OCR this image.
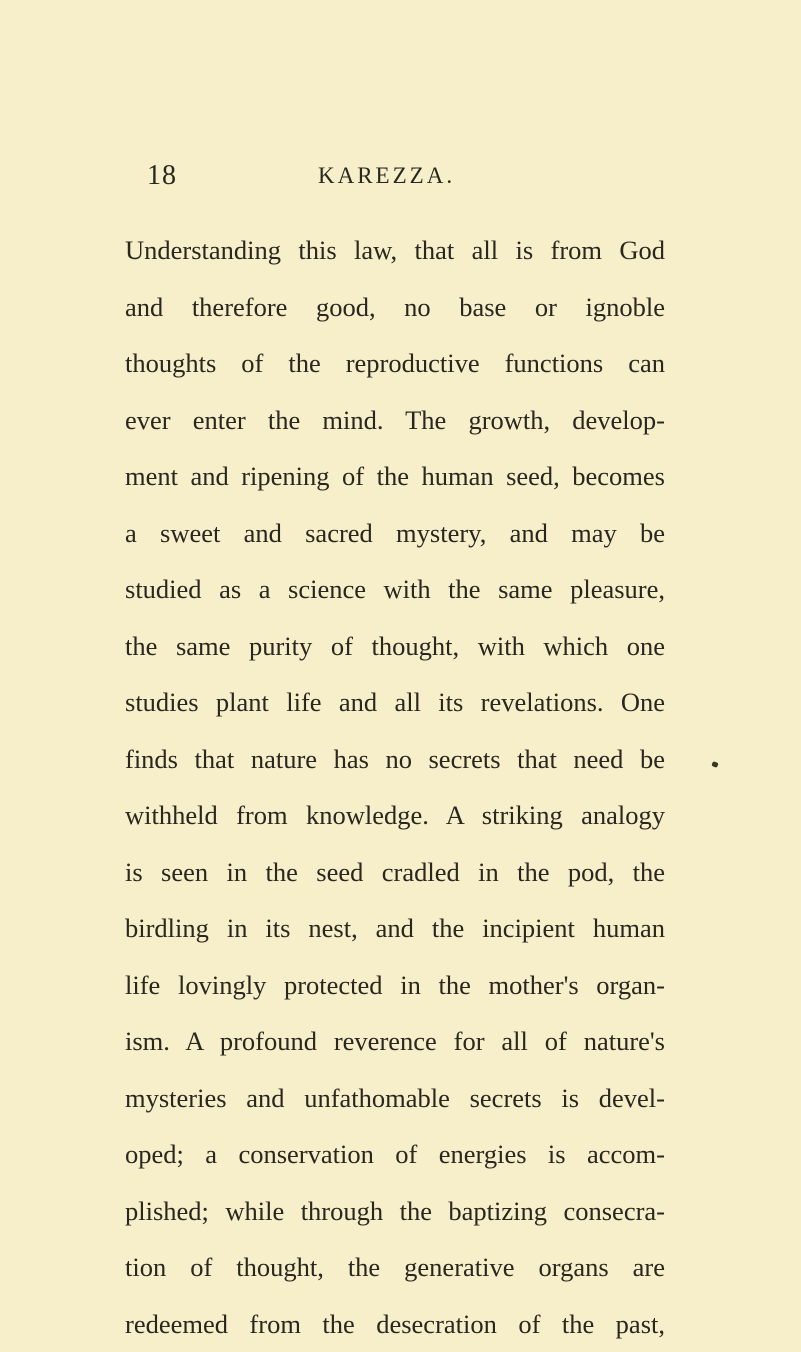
18	KAREZZA.
Understanding this law, that all is from God
and therefore good, no base or ignoble
thoughts of the reproductive functions can
ever enter the mind. The growth, develop-
ment and ripening of the human seed, becomes
a sweet and sacred mystery, and may be
studied as a science with the same pleasure,
the same purity of thought, with which one
studies plant life and all its revelations. One
finds that nature has no secrets that need be
withheld from knowledge. A striking analogy
is seen in the seed cradled in the pod, the
birdling in its nest, and the incipient human
life lovingly protected in the mother's organ-
ism. A profound reverence for all of nature's
mysteries and unfathomable secrets is devel-
oped; a conservation of energies is accom-
plished; while through the baptizing consecra-
tion of thought, the generative organs are
redeemed from the desecration of the past,
